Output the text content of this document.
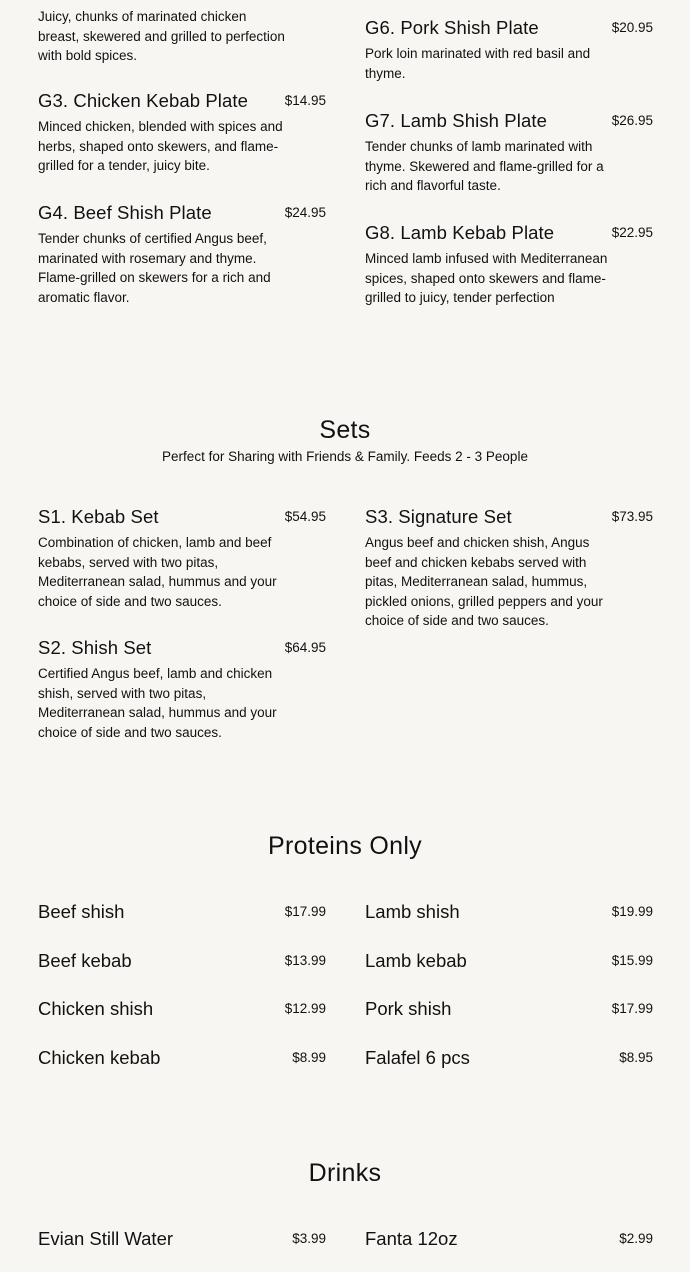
Juicy, chunks of marinated chicken breast, skewered and grilled to perfection with bold spices.
G3. Chicken Kebab Plate	$14.95
Minced chicken, blended with spices and herbs, shaped onto skewers, and flame-grilled for a tender, juicy bite.
G4. Beef Shish Plate	$24.95
Tender chunks of certified Angus beef, marinated with rosemary and thyme. Flame-grilled on skewers for a rich and aromatic flavor.
G6. Pork Shish Plate	$20.95
Pork loin marinated with red basil and thyme.
G7. Lamb Shish Plate	$26.95
Tender chunks of lamb marinated with thyme. Skewered and flame-grilled for a rich and flavorful taste.
G8. Lamb Kebab Plate	$22.95
Minced lamb infused with Mediterranean spices, shaped onto skewers and flame-grilled to juicy, tender perfection
Sets
Perfect for Sharing with Friends & Family. Feeds 2 - 3 People
S1. Kebab Set	$54.95
Combination of chicken, lamb and beef kebabs, served with two pitas, Mediterranean salad, hummus and your choice of side and two sauces.
S2. Shish Set	$64.95
Certified Angus beef, lamb and chicken shish, served with two pitas, Mediterranean salad, hummus and your choice of side and two sauces.
S3. Signature Set	$73.95
Angus beef and chicken shish, Angus beef and chicken kebabs served with pitas, Mediterranean salad, hummus, pickled onions, grilled peppers and your choice of side and two sauces.
Proteins Only
Beef shish	$17.99
Beef kebab	$13.99
Chicken shish	$12.99
Chicken kebab	$8.99
Lamb shish	$19.99
Lamb kebab	$15.99
Pork shish	$17.99
Falafel 6 pcs	$8.95
Drinks
Evian Still Water	$3.99 Fanta 12oz	$2.99
